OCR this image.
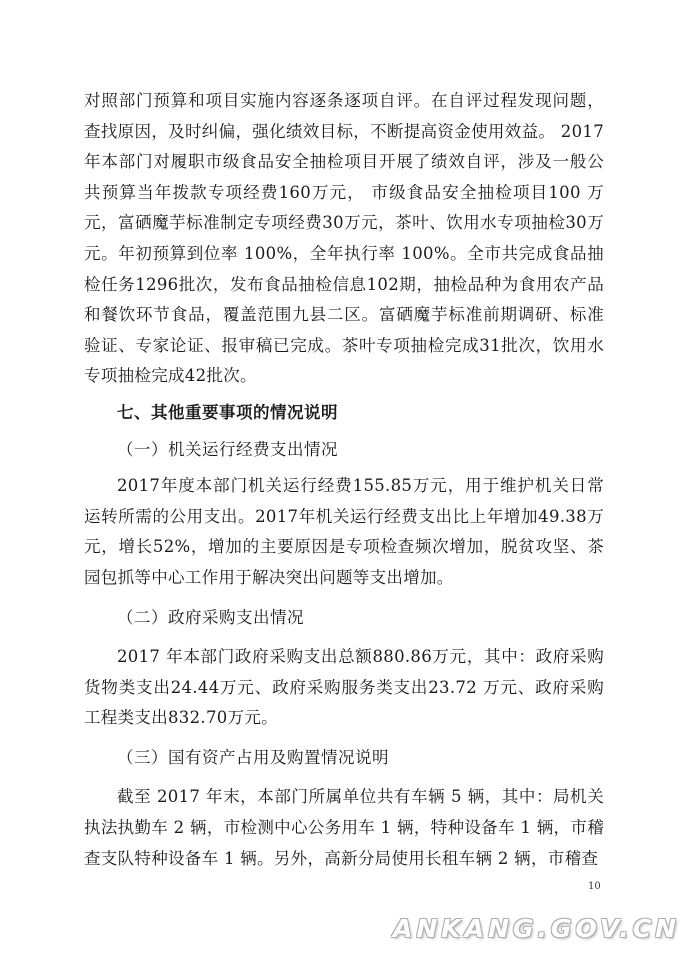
对照部门预算和项目实施内容逐条逐项自评。在自评过程发现问题，查找原因，及时纠偏，强化绩效目标，不断提高资金使用效益。 2017年本部门对履职市级食品安全抽检项目开展了绩效自评，涉及一般公共预算当年拨款专项经费160万元， 市级食品安全抽检项目100 万元，富硒魔芋标准制定专项经费30万元，茶叶、饮用水专项抽检30万元。年初预算到位率 100%，全年执行率 100%。全市共完成食品抽检任务1296批次，发布食品抽检信息102期，抽检品种为食用农产品和餐饮环节食品，覆盖范围九县二区。富硒魔芋标准前期调研、标准验证、专家论证、报审稿已完成。茶叶专项抽检完成31批次，饮用水专项抽检完成42批次。

七、其他重要事项的情况说明

（一）机关运行经费支出情况

2017年度本部门机关运行经费155.85万元，用于维护机关日常运转所需的公用支出。2017年机关运行经费支出比上年增加49.38万元，增长52%，增加的主要原因是专项检查频次增加，脱贫攻坚、茶园包抓等中心工作用于解决突出问题等支出增加。

（二）政府采购支出情况

2017 年本部门政府采购支出总额880.86万元，其中：政府采购货物类支出24.44万元、政府采购服务类支出23.72 万元、政府采购工程类支出832.70万元。

（三）国有资产占用及购置情况说明

截至 2017 年末，本部门所属单位共有车辆 5 辆，其中：局机关执法执勤车 2 辆，市检测中心公务用车 1 辆，特种设备车 1 辆，市稽查支队特种设备车 1 辆。另外，高新分局使用长租车辆 2 辆，市稽查

10
ANKANG.GOV.CN
